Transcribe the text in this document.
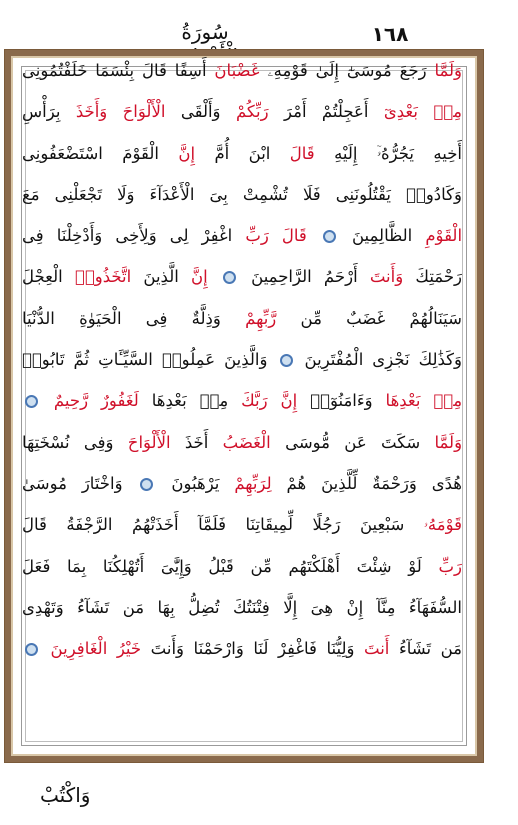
١٦٨
سُورَةُ
وَلَمَّا رَجَعَ مُوسَىٰٓ إِلَىٰ قَوْمِهِۦ غَضْبَانَ أَسِفًا قَالَ بِئْسَمَا خَلَفْتُمُونِى
مِنۢ بَعْدِىٓ أَعَجِلْتُمْ أَمْرَ رَبِّكُمْ وَأَلْقَى الْأَلْوَاحَ وَأَخَذَ بِرَأْسِ
أَخِيهِ يَجُرُّهُۥٓ إِلَيْهِ قَالَ ابْنَ أُمَّ إِنَّ الْقَوْمَ اسْتَضْعَفُونِى
وَكَادُوا۟ يَقْتُلُونَنِى فَلَا تُشْمِتْ بِىَ الْأَعْدَآءَ وَلَا تَجْعَلْنِى مَعَ
الْقَوْمِ الظَّالِمِينَ  قَالَ رَبِّ اغْفِرْ لِى وَلِأَخِى وَأَدْخِلْنَا فِى
رَحْمَتِكَ وَأَنتَ أَرْحَمُ الرَّاحِمِينَ  إِنَّ الَّذِينَ اتَّخَذُوا۟ الْعِجْلَ
سَيَنَالُهُمْ غَضَبٌ مِّن رَّبِّهِمْ وَذِلَّةٌ فِى الْحَيَوٰةِ الدُّنْيَا
وَكَذَٰلِكَ نَجْزِى الْمُفْتَرِينَ  وَالَّذِينَ عَمِلُوا۟ السَّيِّـَٔاتِ ثُمَّ تَابُوا۟
مِنۢ بَعْدِهَا وَءَامَنُوٓا۟ إِنَّ رَبَّكَ مِنۢ بَعْدِهَا لَغَفُورٌ رَّحِيمٌ
وَلَمَّا سَكَتَ عَن مُّوسَى الْغَضَبُ أَخَذَ الْأَلْوَاحَ وَفِى نُسْخَتِهَا
هُدًى وَرَحْمَةٌ لِّلَّذِينَ هُمْ لِرَبِّهِمْ يَرْهَبُونَ  وَاخْتَارَ مُوسَىٰ
قَوْمَهُۥ سَبْعِينَ رَجُلًا لِّمِيقَاتِنَا فَلَمَّآ أَخَذَتْهُمُ الرَّجْفَةُ قَالَ
رَبِّ لَوْ شِئْتَ أَهْلَكْتَهُم مِّن قَبْلُ وَإِيَّٰىَ أَتُهْلِكُنَا بِمَا فَعَلَ
السُّفَهَآءُ مِنَّآ إِنْ هِىَ إِلَّا فِتْنَتُكَ تُضِلُّ بِهَا مَن تَشَآءُ وَتَهْدِى
مَن تَشَآءُ أَنتَ وَلِيُّنَا فَاغْفِرْ لَنَا وَارْحَمْنَا وَأَنتَ خَيْرُ الْغَافِرِينَ
وَاكْتُبْ
